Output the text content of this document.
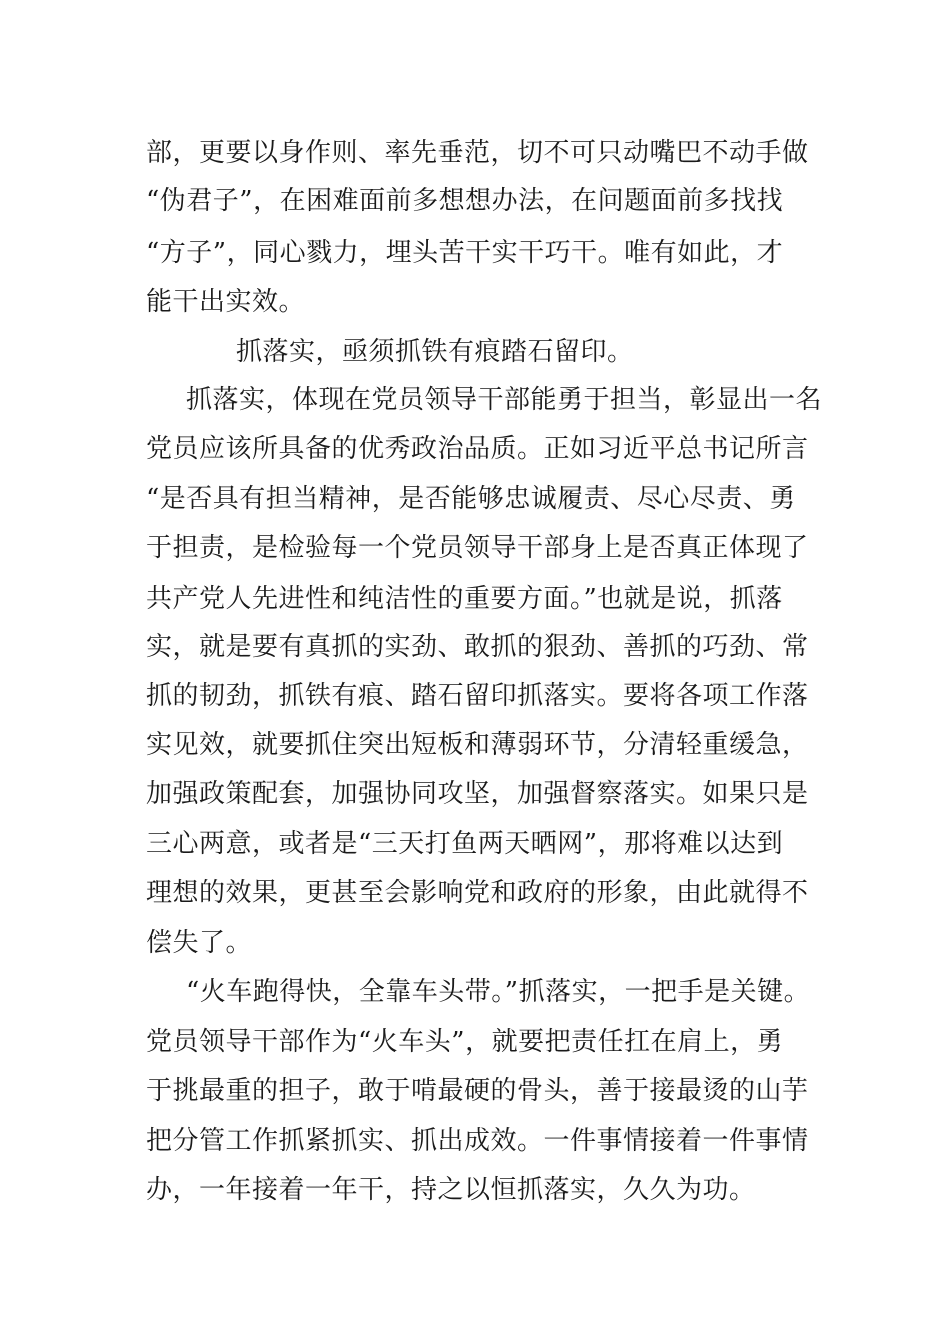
部，更要以身作则、率先垂范，切不可只动嘴巴不动手做
“伪君子”，在困难面前多想想办法，在问题面前多找找
“方子”，同心戮力，埋头苦干实干巧干。唯有如此，才
能干出实效。
抓落实，亟须抓铁有痕踏石留印。
抓落实，体现在党员领导干部能勇于担当，彰显出一名
党员应该所具备的优秀政治品质。正如习近平总书记所言
“是否具有担当精神，是否能够忠诚履责、尽心尽责、勇
于担责，是检验每一个党员领导干部身上是否真正体现了
共产党人先进性和纯洁性的重要方面。”也就是说，抓落
实，就是要有真抓的实劲、敢抓的狠劲、善抓的巧劲、常
抓的韧劲，抓铁有痕、踏石留印抓落实。要将各项工作落
实见效，就要抓住突出短板和薄弱环节，分清轻重缓急，
加强政策配套，加强协同攻坚，加强督察落实。如果只是
三心两意，或者是“三天打鱼两天晒网”，那将难以达到
理想的效果，更甚至会影响党和政府的形象，由此就得不
偿失了。
“火车跑得快，全靠车头带。”抓落实，一把手是关键。
党员领导干部作为“火车头”，就要把责任扛在肩上，勇
于挑最重的担子，敢于啃最硬的骨头，善于接最烫的山芋
把分管工作抓紧抓实、抓出成效。一件事情接着一件事情
办，一年接着一年干，持之以恒抓落实，久久为功。
